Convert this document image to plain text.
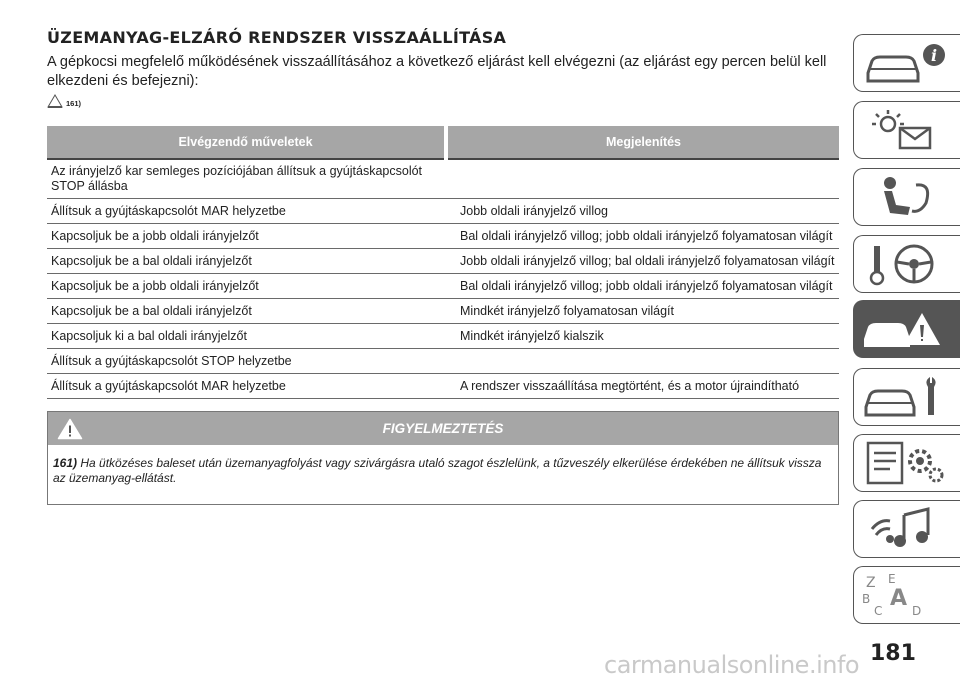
ÜZEMANYAG-ELZÁRÓ RENDSZER VISSZAÁLLÍTÁSA

A gépkocsi megfelelő működésének visszaállításához a következő eljárást kell elvégezni (az eljárást egy percen belül kell elkezdeni és befejezni):

161)
Elvégzendő műveletek	Megjelenítés
Az irányjelző kar semleges pozíciójában állítsuk a gyújtáskapcsolót STOP állásba	
Állítsuk a gyújtáskapcsolót MAR helyzetbe	Jobb oldali irányjelző villog
Kapcsoljuk be a jobb oldali irányjelzőt	Bal oldali irányjelző villog; jobb oldali irányjelző folyamatosan világít
Kapcsoljuk be a bal oldali irányjelzőt	Jobb oldali irányjelző villog; bal oldali irányjelző folyamatosan világít
Kapcsoljuk be a jobb oldali irányjelzőt	Bal oldali irányjelző villog; jobb oldali irányjelző folyamatosan világít
Kapcsoljuk be a bal oldali irányjelzőt	Mindkét irányjelző folyamatosan világít
Kapcsoljuk ki a bal oldali irányjelzőt	Mindkét irányjelző kialszik
Állítsuk a gyújtáskapcsolót STOP helyzetbe	
Állítsuk a gyújtáskapcsolót MAR helyzetbe	A rendszer visszaállítása megtörtént, és a motor újraindítható
FIGYELMEZTETÉS
161) Ha ütközéses baleset után üzemanyagfolyást vagy szivárgásra utaló szagot észlelünk, a tűzveszély elkerülése érdekében ne állítsuk vissza az üzemanyag-ellátást.
i
Z E
B A
C D
181
carmanualsonline.info
